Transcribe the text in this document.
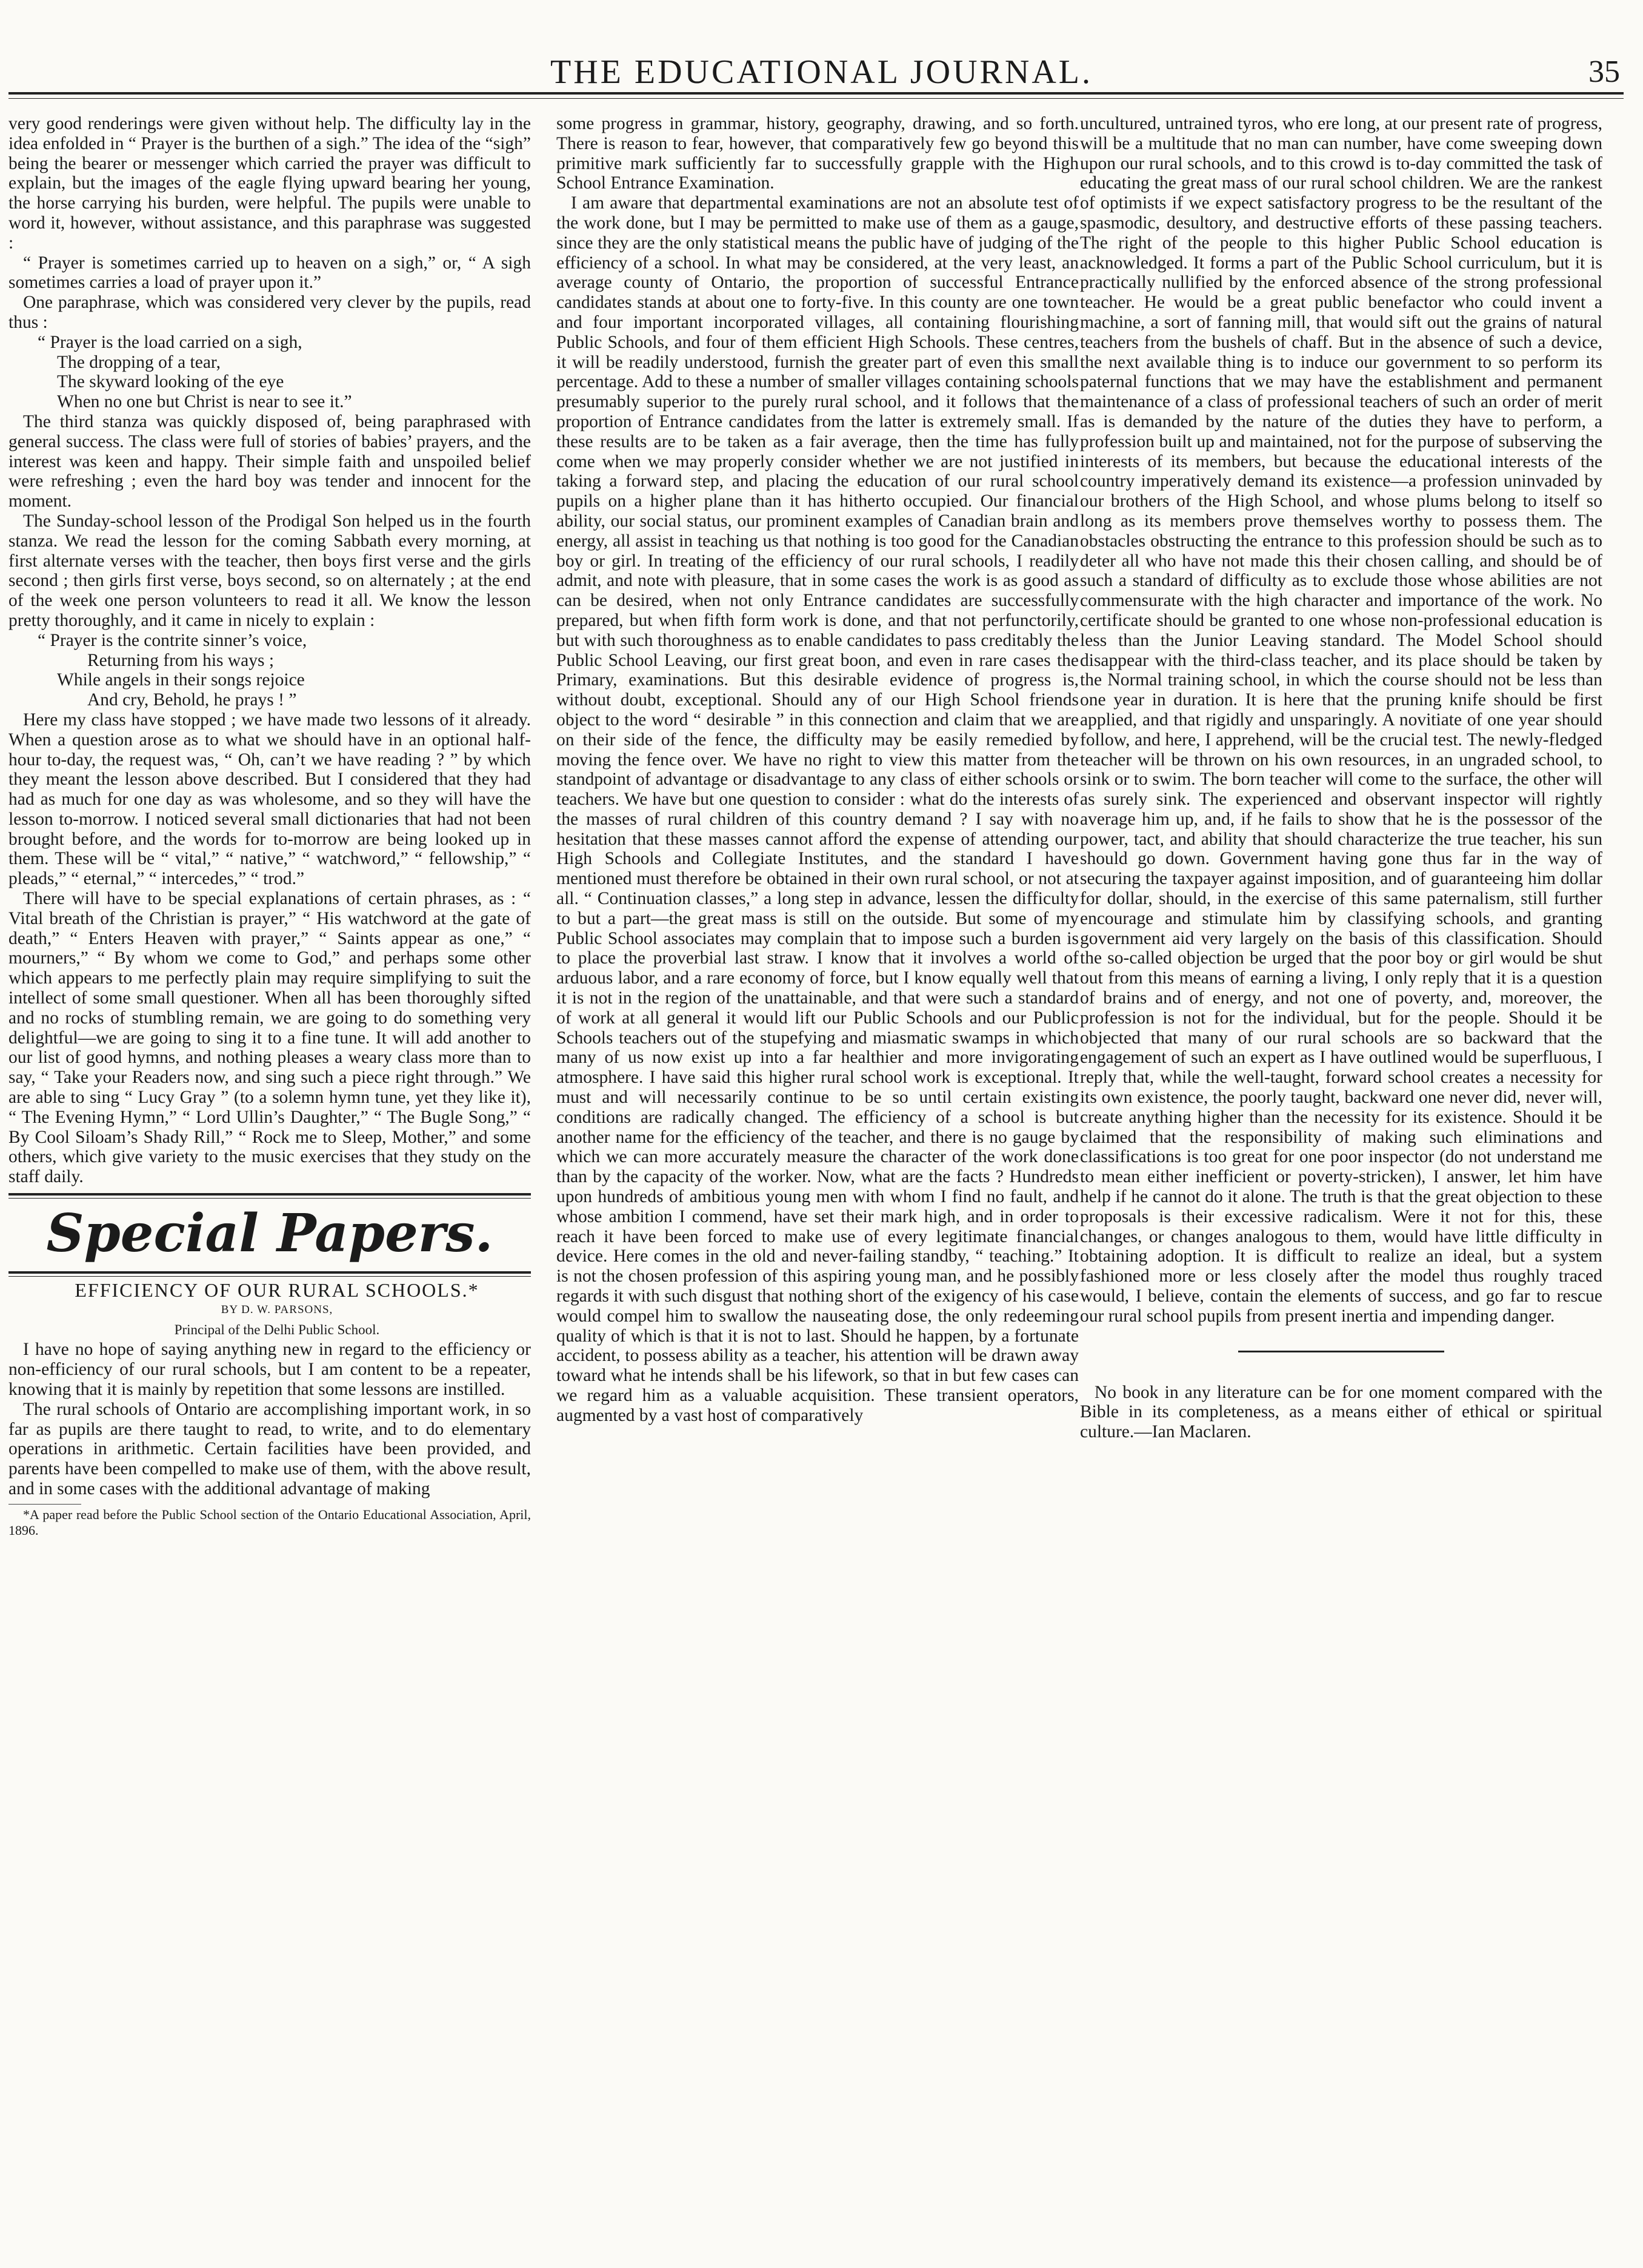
THE EDUCATIONAL JOURNAL.	35

very good renderings were given without help. The difficulty lay in the idea enfolded in “ Prayer is the burthen of a sigh.” The idea of the “sigh” being the bearer or messenger which carried the prayer was difficult to explain, but the images of the eagle flying upward bearing her young, the horse carrying his burden, were helpful. The pupils were unable to word it, however, without assistance, and this paraphrase was suggested :

“ Prayer is sometimes carried up to heaven on a sigh,” or, “ A sigh sometimes carries a load of prayer upon it.”

One paraphrase, which was considered very clever by the pupils, read thus :

“ Prayer is the load carried on a sigh,
The dropping of a tear,
The skyward looking of the eye
When no one but Christ is near to see it.”

The third stanza was quickly disposed of, being paraphrased with general success. The class were full of stories of babies’ prayers, and the interest was keen and happy. Their simple faith and unspoiled belief were refreshing ; even the hard boy was tender and innocent for the moment.

The Sunday-school lesson of the Prodigal Son helped us in the fourth stanza. We read the lesson for the coming Sabbath every morning, at first alternate verses with the teacher, then boys first verse and the girls second ; then girls first verse, boys second, so on alternately ; at the end of the week one person volunteers to read it all. We know the lesson pretty thoroughly, and it came in nicely to explain :

“ Prayer is the contrite sinner’s voice,
Returning from his ways ;
While angels in their songs rejoice
And cry, Behold, he prays ! ”

Here my class have stopped ; we have made two lessons of it already. When a question arose as to what we should have in an optional half-hour to-day, the request was, “ Oh, can’t we have reading ? ” by which they meant the lesson above described. But I considered that they had had as much for one day as was wholesome, and so they will have the lesson to-morrow. I noticed several small dictionaries that had not been brought before, and the words for to-morrow are being looked up in them. These will be “ vital,” “ native,” “ watchword,” “ fellowship,” “ pleads,” “ eternal,” “ intercedes,” “ trod.”

There will have to be special explanations of certain phrases, as : “ Vital breath of the Christian is prayer,” “ His watchword at the gate of death,” “ Enters Heaven with prayer,” “ Saints appear as one,” “ mourners,” “ By whom we come to God,” and perhaps some other which appears to me perfectly plain may require simplifying to suit the intellect of some small questioner. When all has been thoroughly sifted and no rocks of stumbling remain, we are going to do something very delightful—we are going to sing it to a fine tune. It will add another to our list of good hymns, and nothing pleases a weary class more than to say, “ Take your Readers now, and sing such a piece right through.” We are able to sing “ Lucy Gray ” (to a solemn hymn tune, yet they like it), “ The Evening Hymn,” “ Lord Ullin’s Daughter,” “ The Bugle Song,” “ By Cool Siloam’s Shady Rill,” “ Rock me to Sleep, Mother,” and some others, which give variety to the music exercises that they study on the staff daily.

Special Papers.

EFFICIENCY OF OUR RURAL SCHOOLS.*

BY D. W. PARSONS,

Principal of the Delhi Public School.

I have no hope of saying anything new in regard to the efficiency or non-efficiency of our rural schools, but I am content to be a repeater, knowing that it is mainly by repetition that some lessons are instilled.

The rural schools of Ontario are accomplishing important work, in so far as pupils are there taught to read, to write, and to do elementary operations in arithmetic. Certain facilities have been provided, and parents have been compelled to make use of them, with the above result, and in some cases with the additional advantage of making

*A paper read before the Public School section of the Ontario Educational Association, April, 1896.

some progress in grammar, history, geography, drawing, and so forth. There is reason to fear, however, that comparatively few go beyond this primitive mark sufficiently far to successfully grapple with the High School Entrance Examination.

I am aware that departmental examinations are not an absolute test of the work done, but I may be permitted to make use of them as a gauge, since they are the only statistical means the public have of judging of the efficiency of a school. In what may be considered, at the very least, an average county of Ontario, the proportion of successful Entrance candidates stands at about one to forty-five. In this county are one town and four important incorporated villages, all containing flourishing Public Schools, and four of them efficient High Schools. These centres, it will be readily understood, furnish the greater part of even this small percentage. Add to these a number of smaller villages containing schools presumably superior to the purely rural school, and it follows that the proportion of Entrance candidates from the latter is extremely small. If these results are to be taken as a fair average, then the time has fully come when we may properly consider whether we are not justified in taking a forward step, and placing the education of our rural school pupils on a higher plane than it has hitherto occupied. Our financial ability, our social status, our prominent examples of Canadian brain and energy, all assist in teaching us that nothing is too good for the Canadian boy or girl. In treating of the efficiency of our rural schools, I readily admit, and note with pleasure, that in some cases the work is as good as can be desired, when not only Entrance candidates are successfully prepared, but when fifth form work is done, and that not perfunctorily, but with such thoroughness as to enable candidates to pass creditably the Public School Leaving, our first great boon, and even in rare cases the Primary, examinations. But this desirable evidence of progress is, without doubt, exceptional. Should any of our High School friends object to the word “ desirable ” in this connection and claim that we are on their side of the fence, the difficulty may be easily remedied by moving the fence over. We have no right to view this matter from the standpoint of advantage or disadvantage to any class of either schools or teachers. We have but one question to consider : what do the interests of the masses of rural children of this country demand ? I say with no hesitation that these masses cannot afford the expense of attending our High Schools and Collegiate Institutes, and the standard I have mentioned must therefore be obtained in their own rural school, or not at all. “ Continuation classes,” a long step in advance, lessen the difficulty to but a part—the great mass is still on the outside. But some of my Public School associates may complain that to impose such a burden is to place the proverbial last straw. I know that it involves a world of arduous labor, and a rare economy of force, but I know equally well that it is not in the region of the unattainable, and that were such a standard of work at all general it would lift our Public Schools and our Public Schools teachers out of the stupefying and miasmatic swamps in which many of us now exist up into a far healthier and more invigorating atmosphere. I have said this higher rural school work is exceptional. It must and will necessarily continue to be so until certain existing conditions are radically changed. The efficiency of a school is but another name for the efficiency of the teacher, and there is no gauge by which we can more accurately measure the character of the work done than by the capacity of the worker. Now, what are the facts ? Hundreds upon hundreds of ambitious young men with whom I find no fault, and whose ambition I commend, have set their mark high, and in order to reach it have been forced to make use of every legitimate financial device. Here comes in the old and never-failing standby, “ teaching.” It is not the chosen profession of this aspiring young man, and he possibly regards it with such disgust that nothing short of the exigency of his case would compel him to swallow the nauseating dose, the only redeeming quality of which is that it is not to last. Should he happen, by a fortunate accident, to possess ability as a teacher, his attention will be drawn away toward what he intends shall be his lifework, so that in but few cases can we regard him as a valuable acquisition. These transient operators, augmented by a vast host of comparatively

uncultured, untrained tyros, who ere long, at our present rate of progress, will be a multitude that no man can number, have come sweeping down upon our rural schools, and to this crowd is to-day committed the task of educating the great mass of our rural school children. We are the rankest of optimists if we expect satisfactory progress to be the resultant of the spasmodic, desultory, and destructive efforts of these passing teachers. The right of the people to this higher Public School education is acknowledged. It forms a part of the Public School curriculum, but it is practically nullified by the enforced absence of the strong professional teacher. He would be a great public benefactor who could invent a machine, a sort of fanning mill, that would sift out the grains of natural teachers from the bushels of chaff. But in the absence of such a device, the next available thing is to induce our government to so perform its paternal functions that we may have the establishment and permanent maintenance of a class of professional teachers of such an order of merit as is demanded by the nature of the duties they have to perform, a profession built up and maintained, not for the purpose of subserving the interests of its members, but because the educational interests of the country imperatively demand its existence—a profession uninvaded by our brothers of the High School, and whose plums belong to itself so long as its members prove themselves worthy to possess them. The obstacles obstructing the entrance to this profession should be such as to deter all who have not made this their chosen calling, and should be of such a standard of difficulty as to exclude those whose abilities are not commensurate with the high character and importance of the work. No certificate should be granted to one whose non-professional education is less than the Junior Leaving standard. The Model School should disappear with the third-class teacher, and its place should be taken by the Normal training school, in which the course should not be less than one year in duration. It is here that the pruning knife should be first applied, and that rigidly and unsparingly. A novitiate of one year should follow, and here, I apprehend, will be the crucial test. The newly-fledged teacher will be thrown on his own resources, in an ungraded school, to sink or to swim. The born teacher will come to the surface, the other will as surely sink. The experienced and observant inspector will rightly average him up, and, if he fails to show that he is the possessor of the power, tact, and ability that should characterize the true teacher, his sun should go down. Government having gone thus far in the way of securing the taxpayer against imposition, and of guaranteeing him dollar for dollar, should, in the exercise of this same paternalism, still further encourage and stimulate him by classifying schools, and granting government aid very largely on the basis of this classification. Should the so-called objection be urged that the poor boy or girl would be shut out from this means of earning a living, I only reply that it is a question of brains and of energy, and not one of poverty, and, moreover, the profession is not for the individual, but for the people. Should it be objected that many of our rural schools are so backward that the engagement of such an expert as I have outlined would be superfluous, I reply that, while the well-taught, forward school creates a necessity for its own existence, the poorly taught, backward one never did, never will, create anything higher than the necessity for its existence. Should it be claimed that the responsibility of making such eliminations and classifications is too great for one poor inspector (do not understand me to mean either inefficient or poverty-stricken), I answer, let him have help if he cannot do it alone. The truth is that the great objection to these proposals is their excessive radicalism. Were it not for this, these changes, or changes analogous to them, would have little difficulty in obtaining adoption. It is difficult to realize an ideal, but a system fashioned more or less closely after the model thus roughly traced would, I believe, contain the elements of success, and go far to rescue our rural school pupils from present inertia and impending danger.

No book in any literature can be for one moment compared with the Bible in its completeness, as a means either of ethical or spiritual culture.—Ian Maclaren.
